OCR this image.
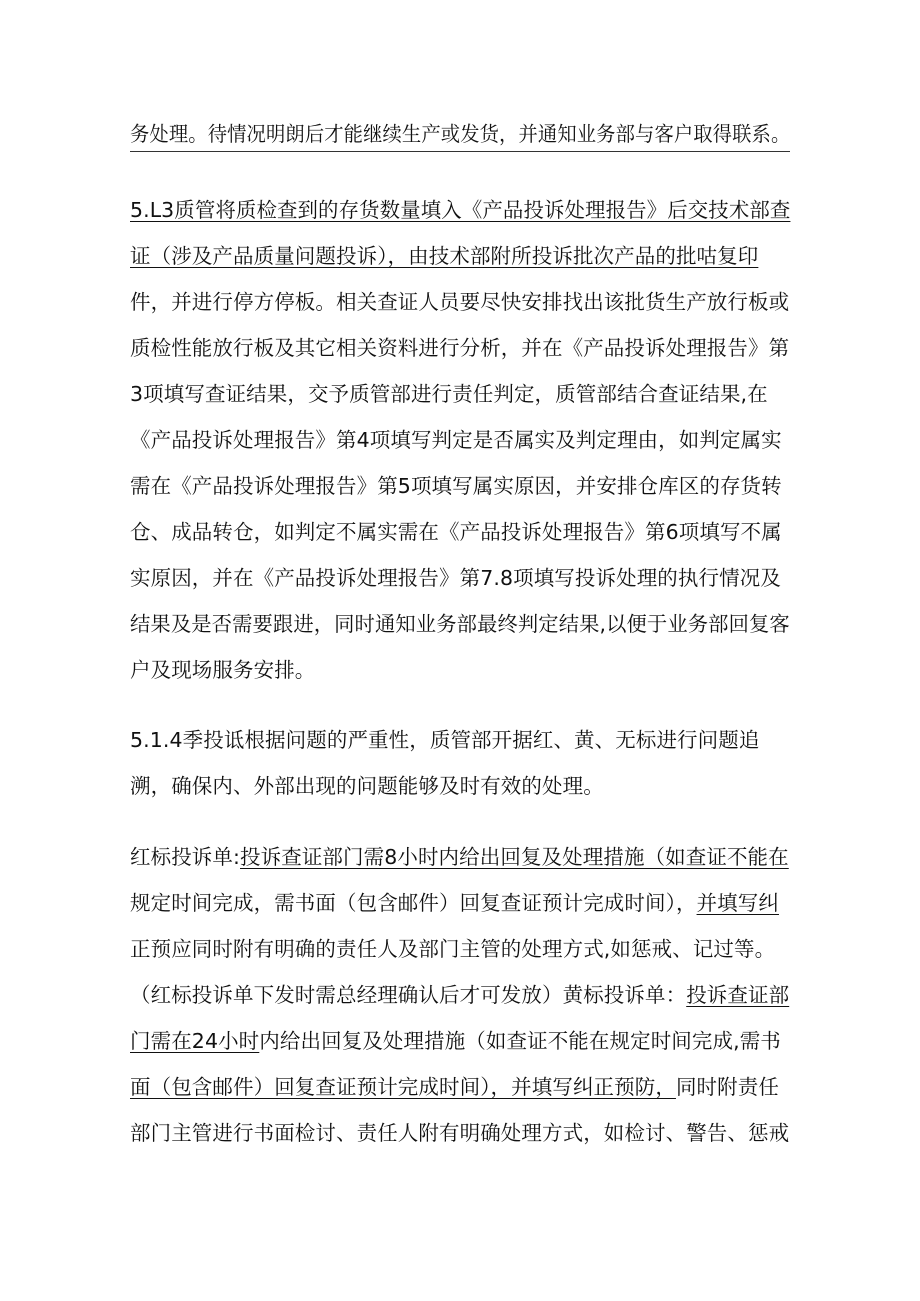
务处理。待情况明朗后才能继续生产或发货，并通知业务部与客户取得联系。
5.L3质管将质检查到的存货数量填入《产品投诉处理报告》后交技术部查
证（涉及产品质量问题投诉），由技术部附所投诉批次产品的批咕复印
件，并进行停方停板。相关查证人员要尽快安排找出该批货生产放行板或
质检性能放行板及其它相关资料进行分析，并在《产品投诉处理报告》第
3项填写查证结果，交予质管部进行责任判定，质管部结合查证结果,在
《产品投诉处理报告》第4项填写判定是否属实及判定理由，如判定属实
需在《产品投诉处理报告》第5项填写属实原因，并安排仓库区的存货转
仓、成品转仓，如判定不属实需在《产品投诉处理报告》第6项填写不属
实原因，并在《产品投诉处理报告》第7.8项填写投诉处理的执行情况及
结果及是否需要跟进，同时通知业务部最终判定结果,以便于业务部回复客
户及现场服务安排。
5.1.4季投诋根据问题的严重性，质管部开据红、黄、无标进行问题追
溯，确保内、外部出现的问题能够及时有效的处理。
红标投诉单:投诉查证部门需8小时内给出回复及处理措施（如查证不能在
规定时间完成，需书面（包含邮件）回复查证预计完成时间），并填写纠
正预应同时附有明确的责任人及部门主管的处理方式,如惩戒、记过等。
（红标投诉单下发时需总经理确认后才可发放）黄标投诉单：投诉查证部
门需在24小时内给出回复及处理措施（如查证不能在规定时间完成,需书
面（包含邮件）回复查证预计完成时间），并填写纠正预防，同时附责任
部门主管进行书面检讨、责任人附有明确处理方式，如检讨、警告、惩戒
